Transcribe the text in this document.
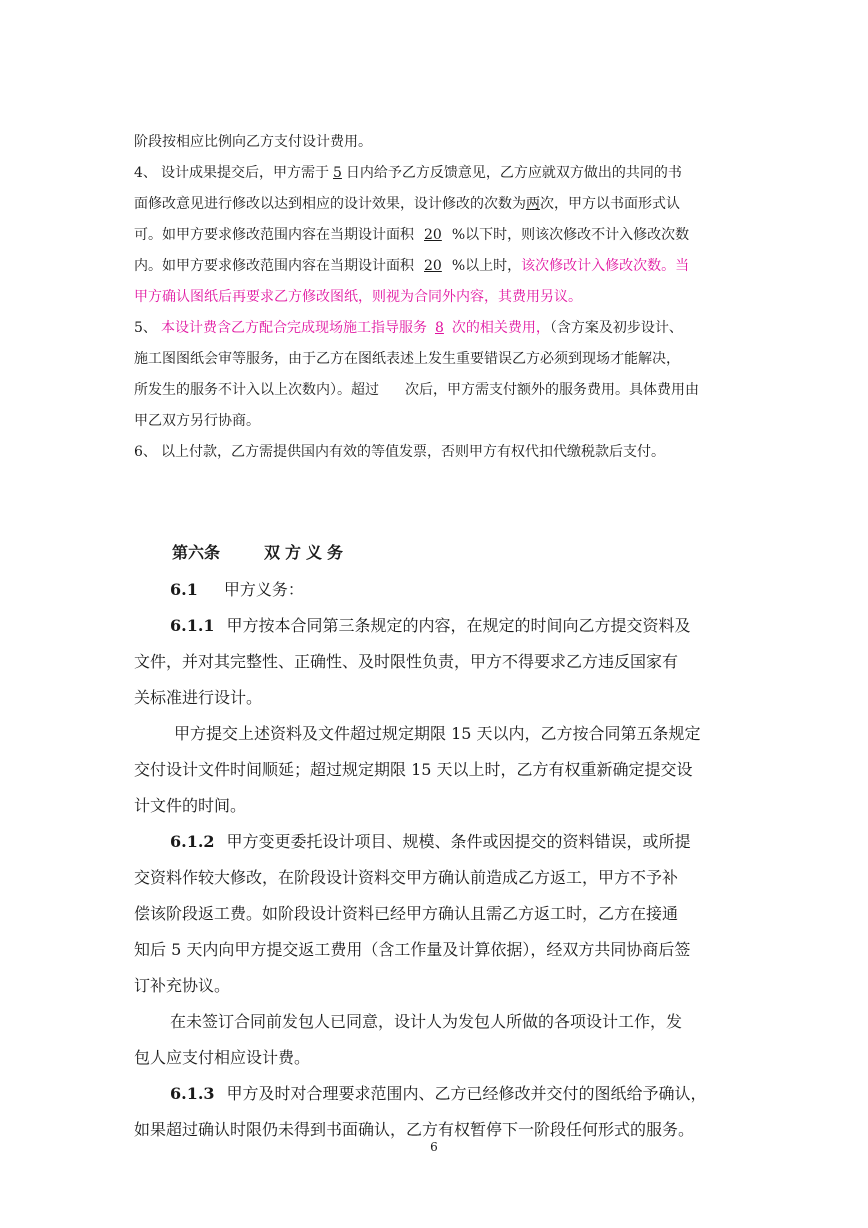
阶段按相应比例向乙方支付设计费用。
4、 设计成果提交后，甲方需于 5 日内给予乙方反馈意见，乙方应就双方做出的共同的书
面修改意见进行修改以达到相应的设计效果，设计修改的次数为两次，甲方以书面形式认
可。如甲方要求修改范围内容在当期设计面积 20 %以下时，则该次修改不计入修改次数
内。如甲方要求修改范围内容在当期设计面积 20 %以上时，该次修改计入修改次数。当
甲方确认图纸后再要求乙方修改图纸，则视为合同外内容，其费用另议。
5、 本设计费含乙方配合完成现场施工指导服务 8 次的相关费用，（含方案及初步设计、
施工图图纸会审等服务，由于乙方在图纸表述上发生重要错误乙方必须到现场才能解决，
所发生的服务不计入以上次数内）。超过 次后，甲方需支付额外的服务费用。具体费用由
甲乙双方另行协商。
6、 以上付款，乙方需提供国内有效的等值发票，否则甲方有权代扣代缴税款后支付。
第六条	双方义务
6.1 甲方义务：
6.1.1 甲方按本合同第三条规定的内容，在规定的时间向乙方提交资料及
文件，并对其完整性、正确性、及时限性负责，甲方不得要求乙方违反国家有
关标准进行设计。
甲方提交上述资料及文件超过规定期限 15 天以内，乙方按合同第五条规定
交付设计文件时间顺延；超过规定期限 15 天以上时，乙方有权重新确定提交设
计文件的时间。
6.1.2 甲方变更委托设计项目、规模、条件或因提交的资料错误，或所提
交资料作较大修改，在阶段设计资料交甲方确认前造成乙方返工，甲方不予补
偿该阶段返工费。如阶段设计资料已经甲方确认且需乙方返工时，乙方在接通
知后 5 天内向甲方提交返工费用（含工作量及计算依据），经双方共同协商后签
订补充协议。
在未签订合同前发包人已同意，设计人为发包人所做的各项设计工作，发
包人应支付相应设计费。
6.1.3 甲方及时对合理要求范围内、乙方已经修改并交付的图纸给予确认，
如果超过确认时限仍未得到书面确认，乙方有权暂停下一阶段任何形式的服务。
6
